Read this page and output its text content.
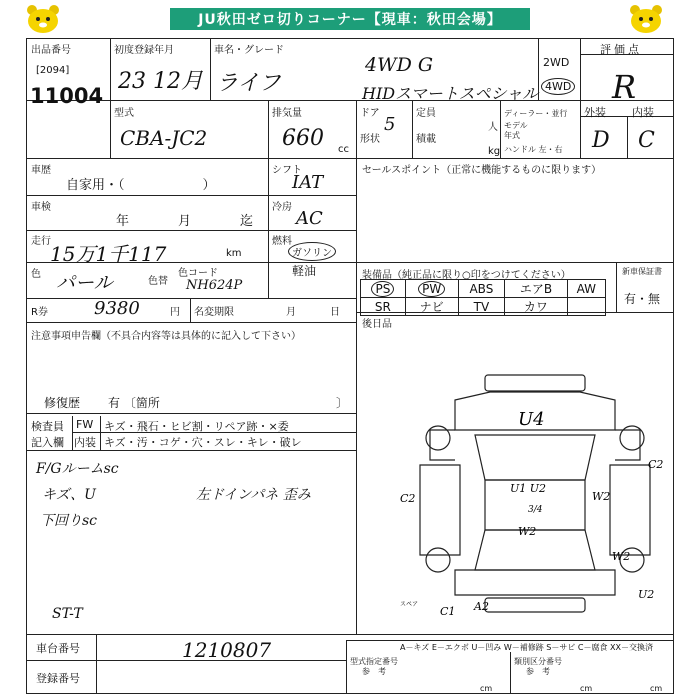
JU秋田ゼロ切りコーナー【現車：秋田会場】
出品番号
[2094]
11004
初度登録年月
23 12月
車名・グレード
ライフ
4WD G
HIDスマートスペシャル
2WD
4WD
評価点
R
外装 内装
D C
型式
CBA-JC2
排気量
660 cc
ドア
5
定員
人
形状	積載
kg
ディーラー・並行
モデル
年式
ハンドル 左・右
車歴
自家用・（　　　　　　）
車検
年	月	迄
走行
15万1千117	km
色 パール	色替
色コード
NH624P
シフト
IAT
冷房
AC
燃料
ガソリン
軽油
R券	9380	円 名変期限	月	日
セールスポイント（正常に機能するものに限ります）
装備品（純正品に限り○印をつけてください）
PS	PW	ABS	エアB	AW
SR	ナビ	TV	カワ	
新車保証書
有・無
後日品
注意事項申告欄（不具合内容等は具体的に記入して下さい）
修復歴 有 〔箇所	〕
検査員
記入欄
FW キズ・飛石・ヒビ割・リペア跡・×委
内装 キズ・汚・コゲ・穴・スレ・キレ・破レ
F/Gルームsc
キズ、U
下回りsc
左ドインパネ 歪み
ST-T
U4
C2
C2
W2
U1 U2
3/4
W2
C1 A2
U2
W2
スペア
車台番号	1210807
登録番号
A－キズ E－エクボ U－凹み W－補修跡 S－サビ C－腐食 XX－交換済
型式指定番号
参　考
類別区分番号
参　考
cm	cm	cm
